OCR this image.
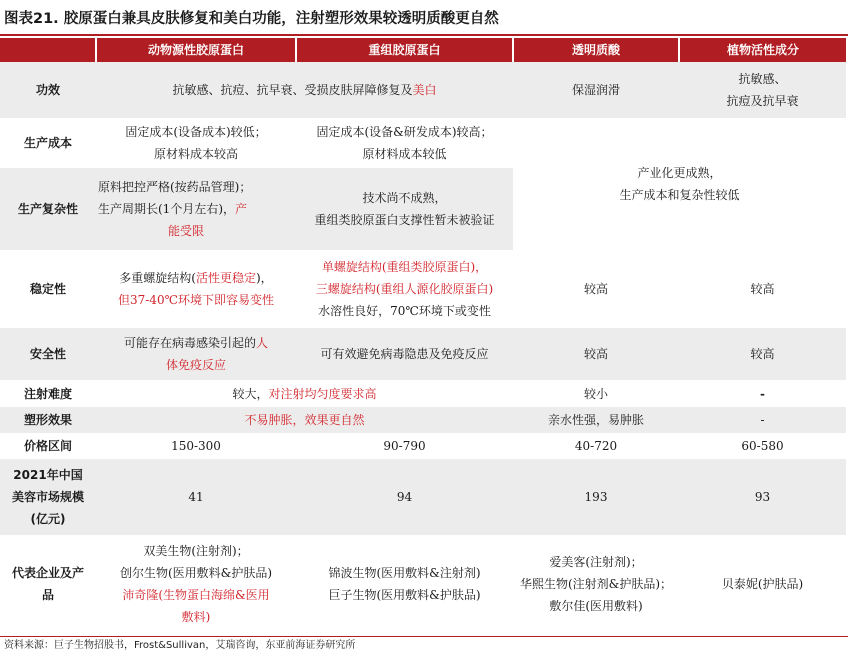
图表21. 胶原蛋白兼具皮肤修复和美白功能，注射塑形效果较透明质酸更自然
	动物源性胶原蛋白	重组胶原蛋白	透明质酸	植物活性成分
功效	抗敏感、抗痘、抗早衰、受损皮肤屏障修复及美白		保湿润滑	抗敏感、
抗痘及抗早衰

生产成本	固定成本(设备成本)较低；
原材料成本较高	固定成本(设备&研发成本)较高；
原材料成本较低	产业化更成熟，
生产成本和复杂性较低	

生产复杂性	原料把控严格(按药品管理)；
生产周期长(1个月左右)，产
能受限	技术尚不成熟，
重组类胶原蛋白支撑性暂未被验证		

稳定性	多重螺旋结构(活性更稳定)，
但37-40℃环境下即容易变性	单螺旋结构(重组类胶原蛋白)，
三螺旋结构(重组人源化胶原蛋白)
水溶性良好，70℃环境下或变性	较高	较高
安全性	可能存在病毒感染引起的人
体免疫反应	可有效避免病毒隐患及免疫反应	较高	较高
注射难度	较大，对注射均匀度要求高		较小	-
塑形效果	不易肿胀，效果更自然		亲水性强，易肿胀	-
价格区间	150-300	90-790	40-720	60-580

2021年中国
美容市场规模
(亿元)	41	94	193	93

代表企业及产
品	双美生物(注射剂)；
创尔生物(医用敷料&护肤品)
沛奇隆(生物蛋白海绵&医用
敷料)	锦波生物(医用敷料&注射剂)
巨子生物(医用敷料&护肤品)	爱美客(注射剂)；
华熙生物(注射剂&护肤品)；
敷尔佳(医用敷料)	贝泰妮(护肤品)
资料来源：巨子生物招股书，Frost&Sullivan，艾瑞咨询，东亚前海证券研究所
